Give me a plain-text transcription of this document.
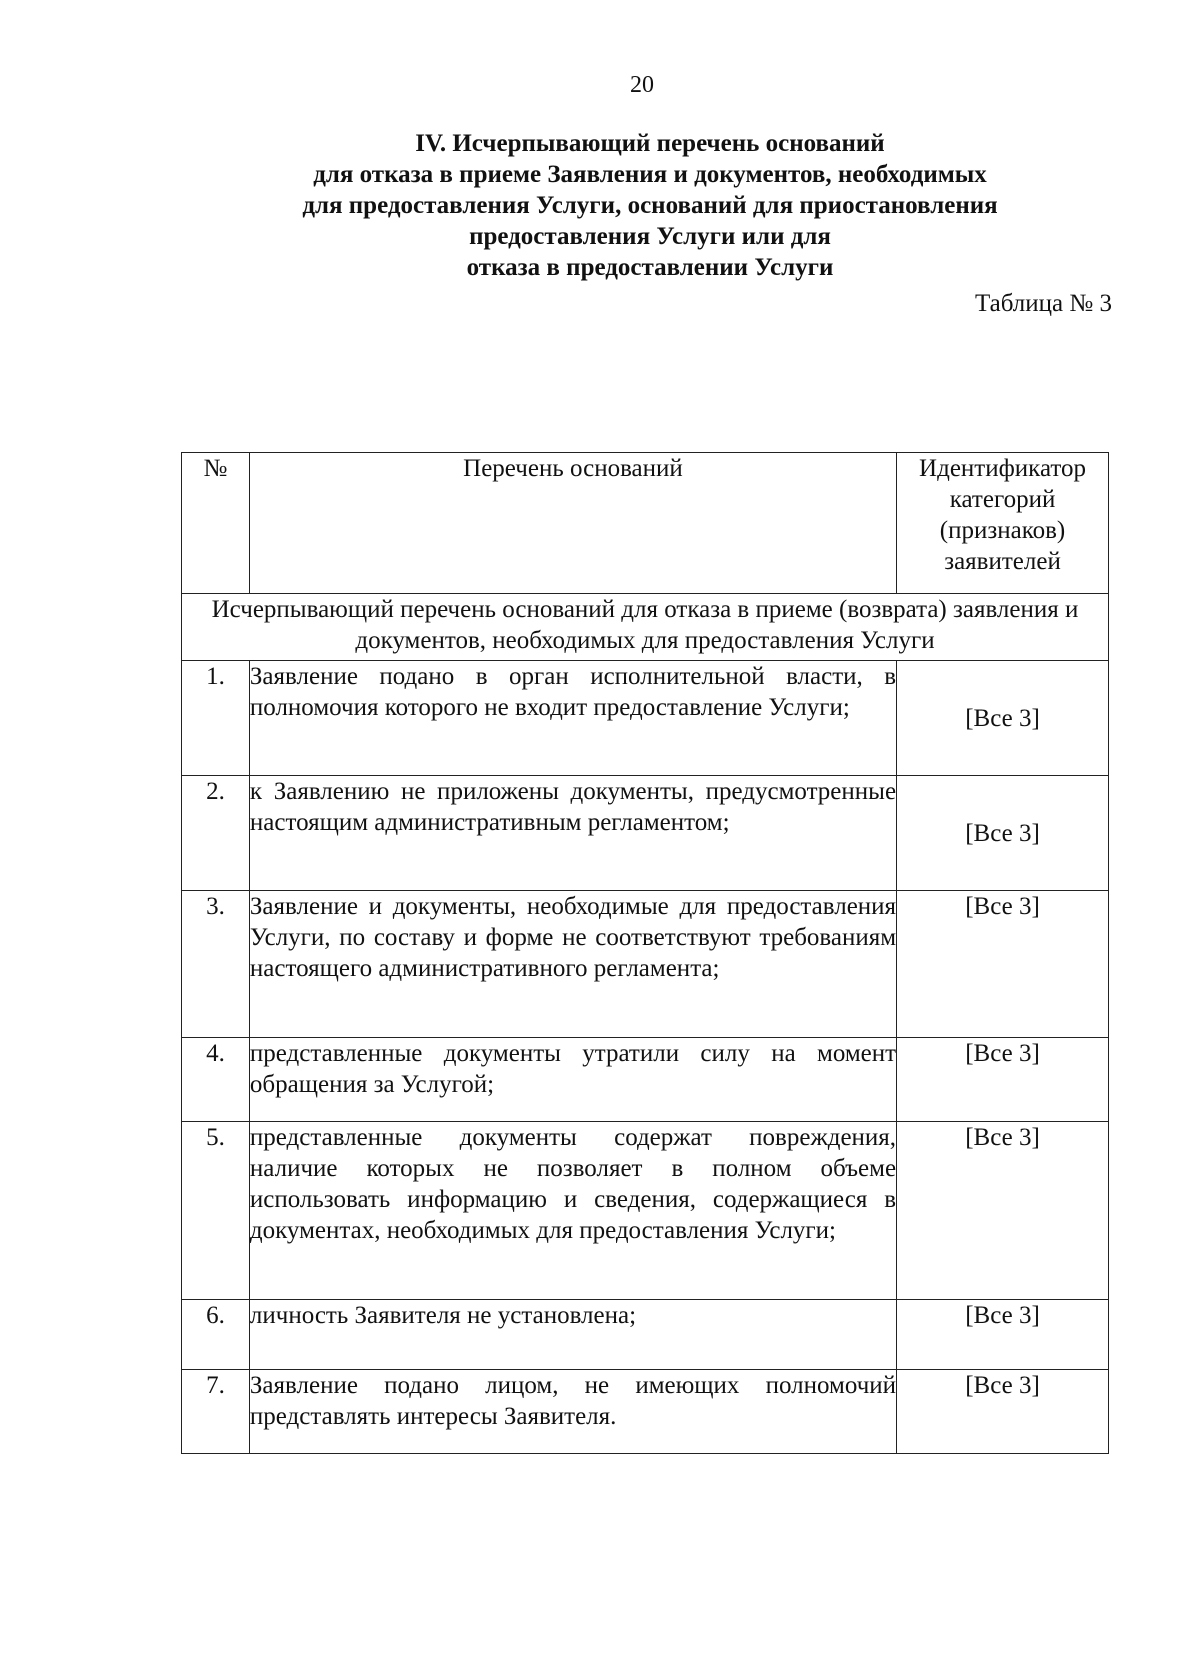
20
IV. Исчерпывающий перечень оснований
для отказа в приеме Заявления и документов, необходимых
для предоставления Услуги, оснований для приостановления
предоставления Услуги или для
отказа в предоставлении Услуги
Таблица № 3
№	Перечень оснований	Идентификатор категорий (признаков) заявителей
Исчерпывающий перечень оснований для отказа в приеме (возврата) заявления и документов, необходимых для предоставления Услуги		
1.	Заявление подано в орган исполнительной власти, в полномочия которого не входит предоставление Услуги;	[Все 3]
2.	к Заявлению не приложены документы, предусмотренные настоящим административным регламентом;	[Все 3]
3.	Заявление и документы, необходимые для предоставления Услуги, по составу и форме не соответствуют требованиям настоящего административного регламента;	[Все 3]
4.	представленные документы утратили силу на момент обращения за Услугой;	[Все 3]
5.	представленные документы содержат повреждения, наличие которых не позволяет в полном объеме использовать информацию и сведения, содержащиеся в документах, необходимых для предоставления Услуги;	[Все 3]
6.	личность Заявителя не установлена;	[Все 3]
7.	Заявление подано лицом, не имеющих полномочий представлять интересы Заявителя.	[Все 3]
